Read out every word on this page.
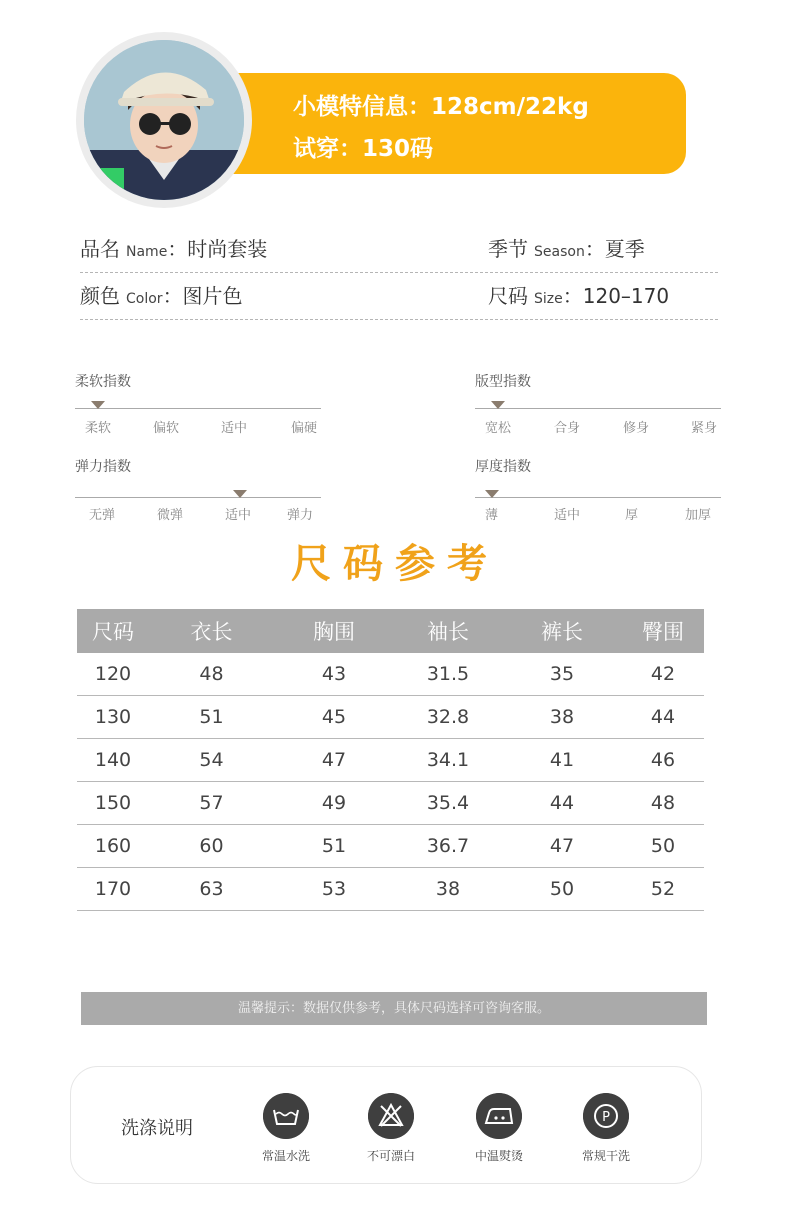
小模特信息：128cm/22kg
试穿：130码
品名 Name：时尚套装	季节 Season：夏季
颜色 Color：图片色	尺码 Size：120–170
柔软指数
柔软	偏软	适中	偏硬
版型指数
宽松	合身	修身	紧身
弹力指数
无弹	微弹	适中	弹力
厚度指数
薄	适中	厚	加厚
尺码参考
尺码	衣长	胸围	袖长	裤长	臀围
120	48	43	31.5	35	42
130	51	45	32.8	38	44
140	54	47	34.1	41	46
150	57	49	35.4	44	48
160	60	51	36.7	47	50
170	63	53	38	50	52
温馨提示：数据仅供参考，具体尺码选择可咨询客服。
洗涤说明
常温水洗	不可漂白	中温熨烫
P
常规干洗
